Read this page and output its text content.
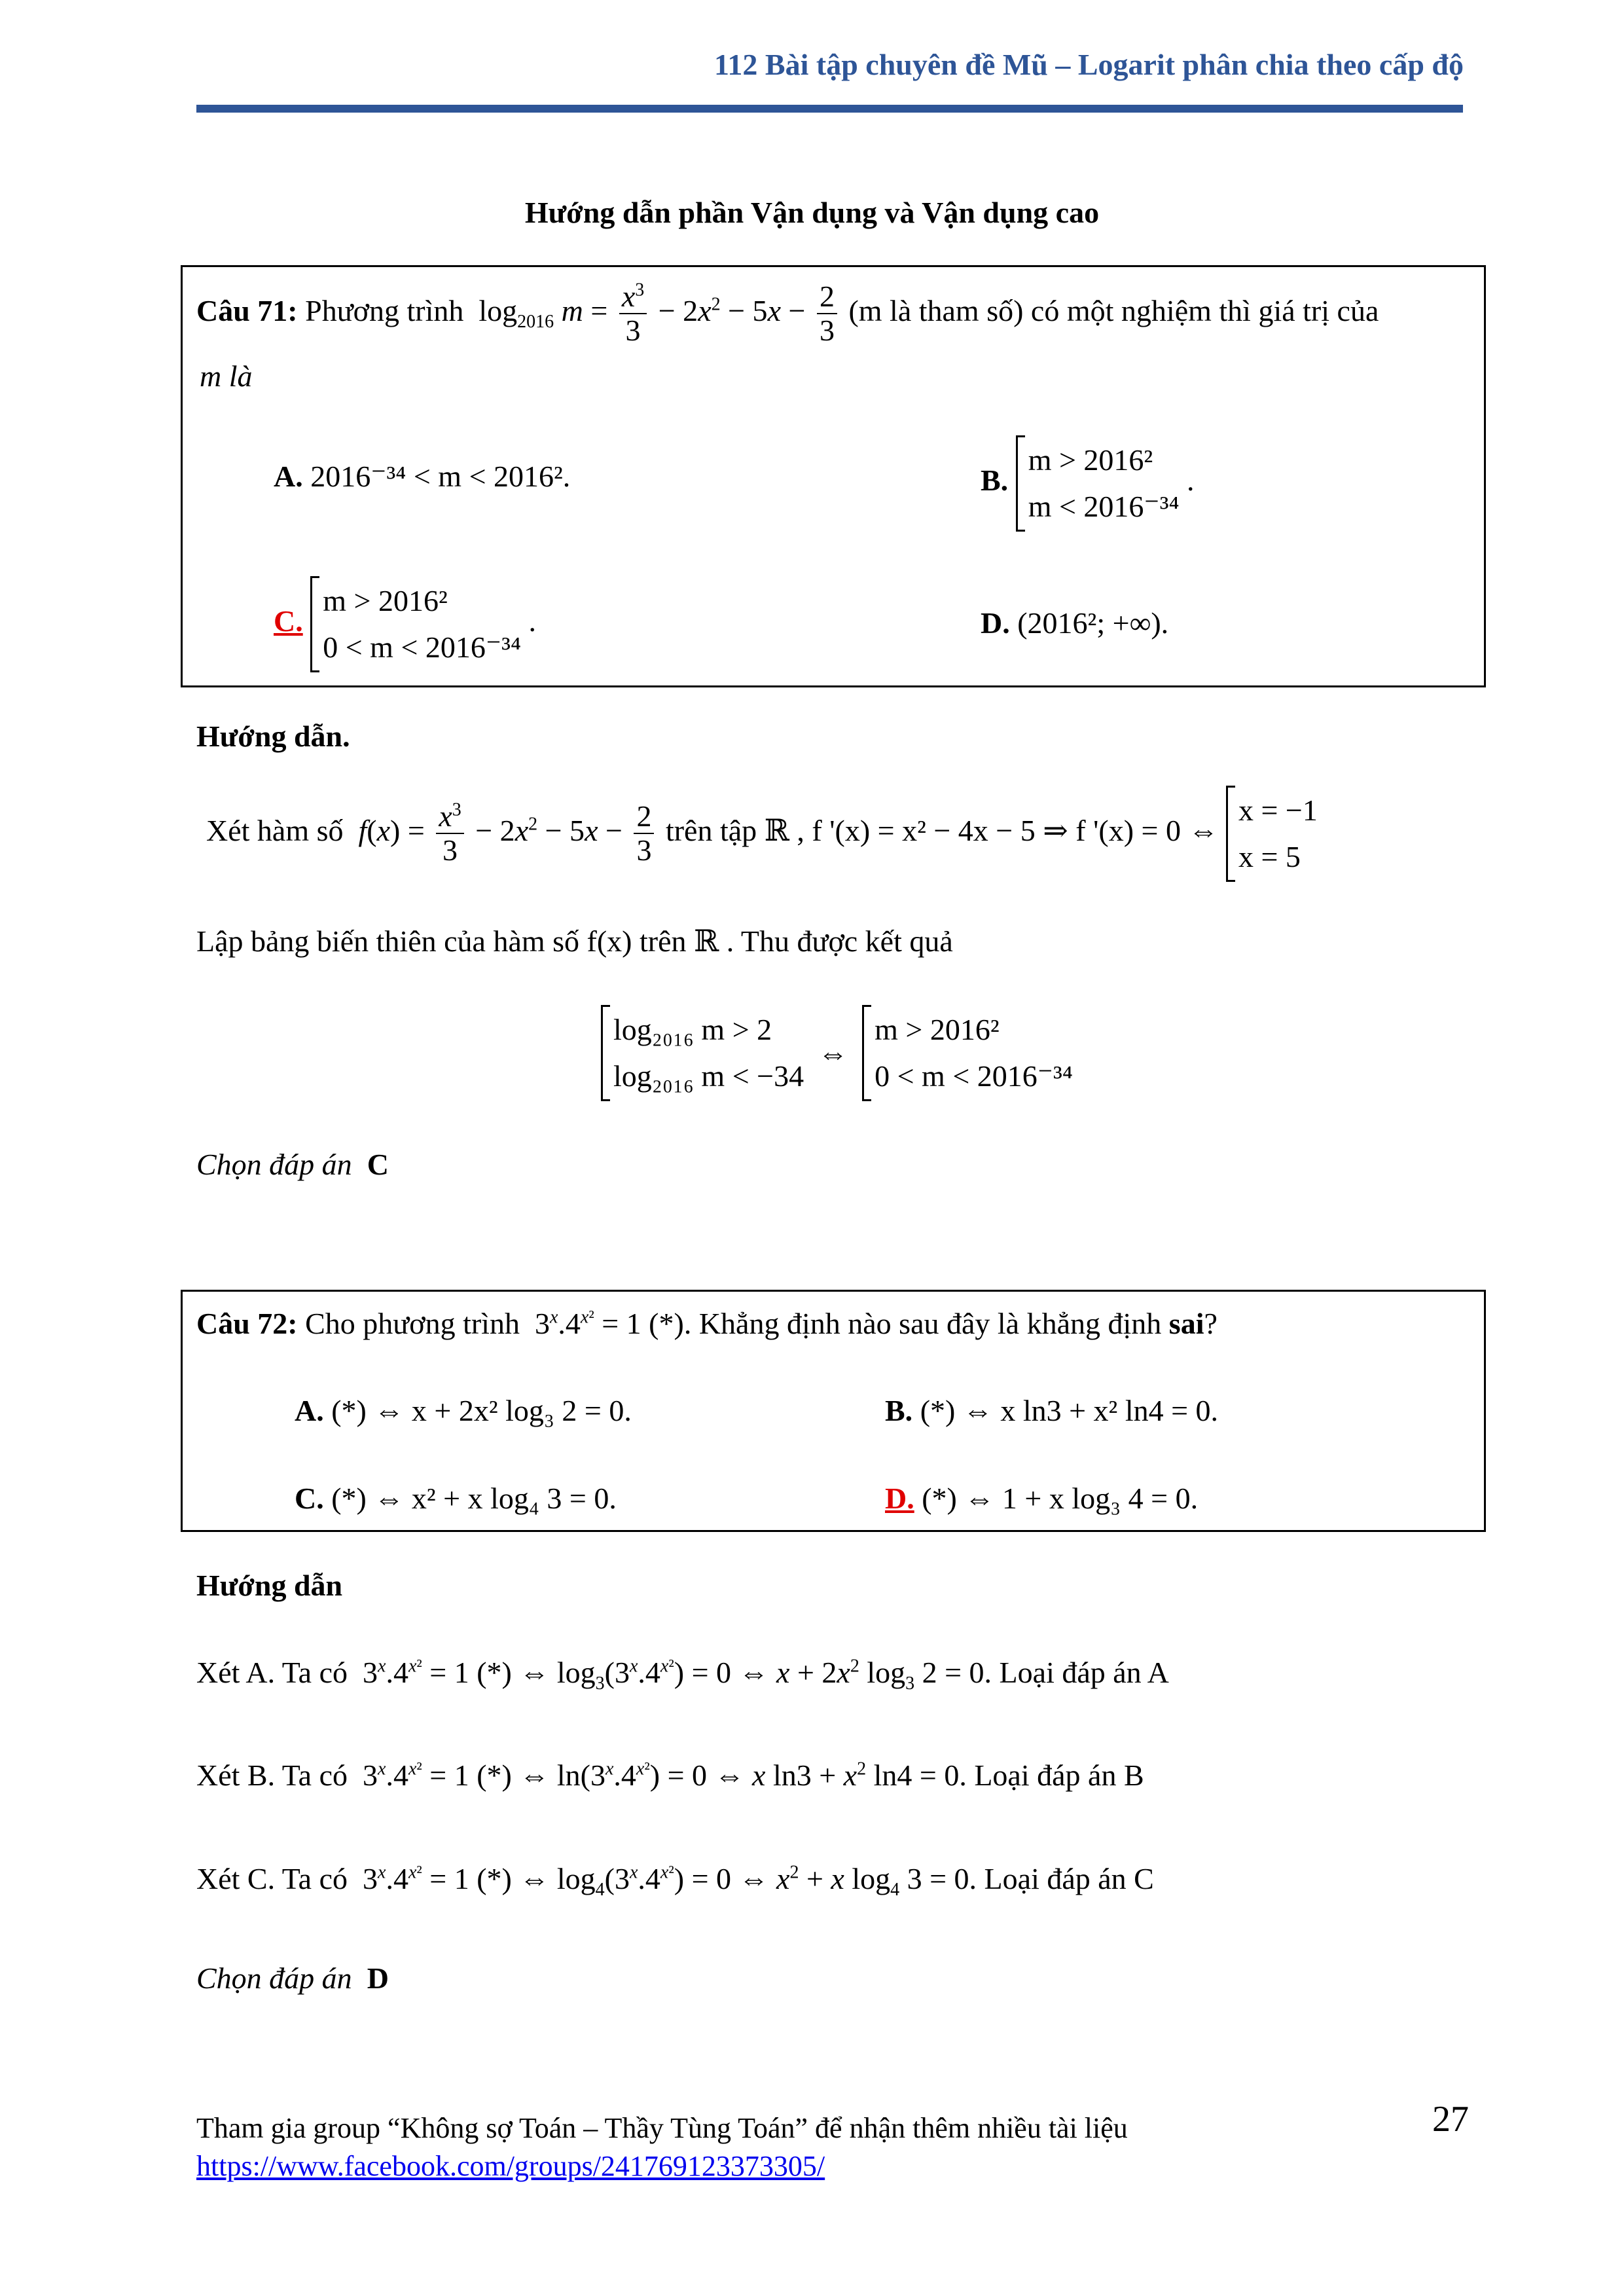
112 Bài tập chuyên đề Mũ – Logarit phân chia theo cấp độ
Hướng dẫn phần Vận dụng và Vận dụng cao
Câu 71: Phương trình  $\log_{2016} m = \frac{x^3}{3} - 2x^2 - 5x - \frac{2}{3} (m$ là tham số) có một nghiệm thì giá trị của
m là
A. 2016⁻³⁴ < m < 2016².	B.
m > 2016²
m < 2016⁻³⁴
.
C.
m > 2016²
0 < m < 2016⁻³⁴
.	D. (2016²; +∞).
Hướng dẫn.
Xét hàm số $f(x) = \frac{x^3}{3} - 2x^2 - 5x - \frac{2}{3}$ trên tập ℝ , f '(x) = x² − 4x − 5 ⇒ f '(x) = 0 ⇔
x = −1
x = 5
Lập bảng biến thiên của hàm số f(x) trên ℝ . Thu được kết quả
log₂₀₁₆ m > 2
log₂₀₁₆ m < −34
⇔
m > 2016²
0 < m < 2016⁻³⁴
Chọn đáp án C
Câu 72: Cho phương trình  $3^x.4^{x^2} = 1$ (*). Khẳng định nào sau đây là khẳng định sai?
A. (*) ⇔ x + 2x² log₃ 2 = 0.	B. (*) ⇔ x ln3 + x² ln4 = 0.
C. (*) ⇔ x² + x log₄ 3 = 0.	D. (*) ⇔ 1 + x log₃ 4 = 0.
Hướng dẫn
Xét A. Ta có  $3^x.4^{x^2} = 1$ (*) ⇔ $\log_3(3^x.4^{x^2}) = 0$ ⇔ $x + 2x^2$ $\log_3 2 = 0$. Loại đáp án A
Xét B. Ta có  $3^x.4^{x^2} = 1$ (*) ⇔ $\ln(3^x.4^{x^2}) = 0$ ⇔ x $\ln 3 + x^2$ ln4 = 0. Loại đáp án B
Xét C. Ta có  $3^x.4^{x^2} = 1$ (*) ⇔ $\log_4(3^x.4^{x^2}) = 0$ ⇔ $x^2 + x$ $\log_4 3 = 0$. Loại đáp án C
Chọn đáp án D
Tham gia group “Không sợ Toán – Thầy Tùng Toán” để nhận thêm nhiều tài liệu	27
https://www.facebook.com/groups/241769123373305/
